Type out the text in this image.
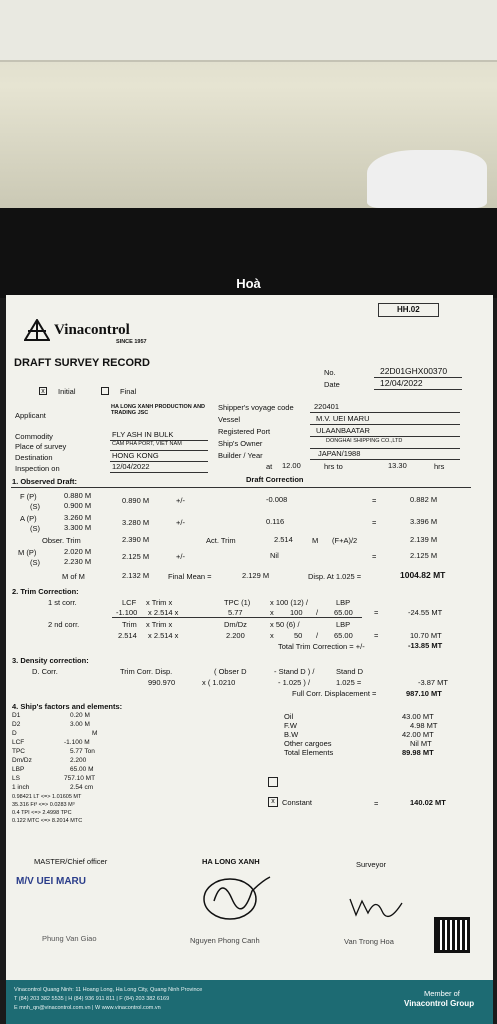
Hoà
HH.02
Vinacontrol
SINCE 1957
DRAFT SURVEY RECORD
No.	22D01GHX00370
Date	12/04/2022
x	Initial	Final
Applicant
HA LONG XANH PRODUCTION AND TRADING JSC
Commodity	FLY ASH IN BULK
Place of survey	CAM PHA PORT, VIET NAM
Destination	HONG KONG
Inspection on	12/04/2022
Shipper's voyage code	220401
Vessel	M.V. UEI MARU
Registered Port	ULAANBAATAR
Ship's Owner	DONGHAI SHIPPING CO.,LTD
Builder / Year	JAPAN/1988
at 12.00	hrs to	13.30	hrs
1. Observed Draft:	Draft Correction
F (P)	0.880 M
(S)	0.900 M
0.890 M	+/-	-0.008	=	0.882 M
A (P)	3.260 M
(S)	3.300 M
3.280 M	+/-	0.116	=	3.396 M
Obser. Trim	2.390 M	Act. Trim	2.514	M (F+A)/2	2.139 M
M (P)	2.020 M
(S)	2.230 M
2.125 M	+/-	Nil	=	2.125 M
M of M	2.132 M	Final Mean =	2.129 M	Disp. At 1.025 =	1004.82 MT
2. Trim Correction:
1 st corr.	LCF x Trim x	TPC (1)	x 100 (12) /	LBP
-1.100 x 2.514 x	5.77	x 100 / 65.00	=	-24.55 MT
2 nd corr.	Trim x Trim x	Dm/Dz	x 50 (6) /	LBP
2.514 x 2.514 x	2.200	x	50 / 65.00	=	10.70 MT
Total Trim Correction = +/-	-13.85 MT
3. Density correction:
D. Corr.	Trim Corr. Disp.	( Obser D	- Stand D ) /	Stand D
990.970	x ( 1.0210	- 1.025 ) /	1.025 =	-3.87 MT
Full Corr. Displacement =	987.10 MT
4. Ship's factors and elements:
D1	0.20 M
D2	3.00 M
D	M
LCF	-1.100 M
TPC	5.77 Ton
Dm/Dz	2.200
LBP	65.00 M
LS	757.10 MT
1 inch	2.54 cm
0.98421 LT <=> 1.01605 MT
35.316 Ft³ <=> 0.0283 M³
0.4 TPI <=> 2.4998 TPC
0.122 MTC <=> 8.2014 MTC
Oil	43.00 MT
F.W	4.98 MT
B.W	42.00 MT
Other cargoes	Nil MT
Total Elements	89.98 MT
x Constant	=	140.02 MT
MASTER/Chief officer
M/V UEI MARU
Phung Van Giao
HA LONG XANH
Nguyen Phong Canh
Surveyor
Van Trong Hoa
Vinacontrol Quang Ninh: 11 Hoang Long, Ha Long City, Quang Ninh Province
T (84) 203 382 5535 | H (84) 936 911 811 | F (84) 203 382 6169
E mnh_qn@vinacontrol.com.vn | W www.vinacontrol.com.vn
Member of
Vinacontrol Group
